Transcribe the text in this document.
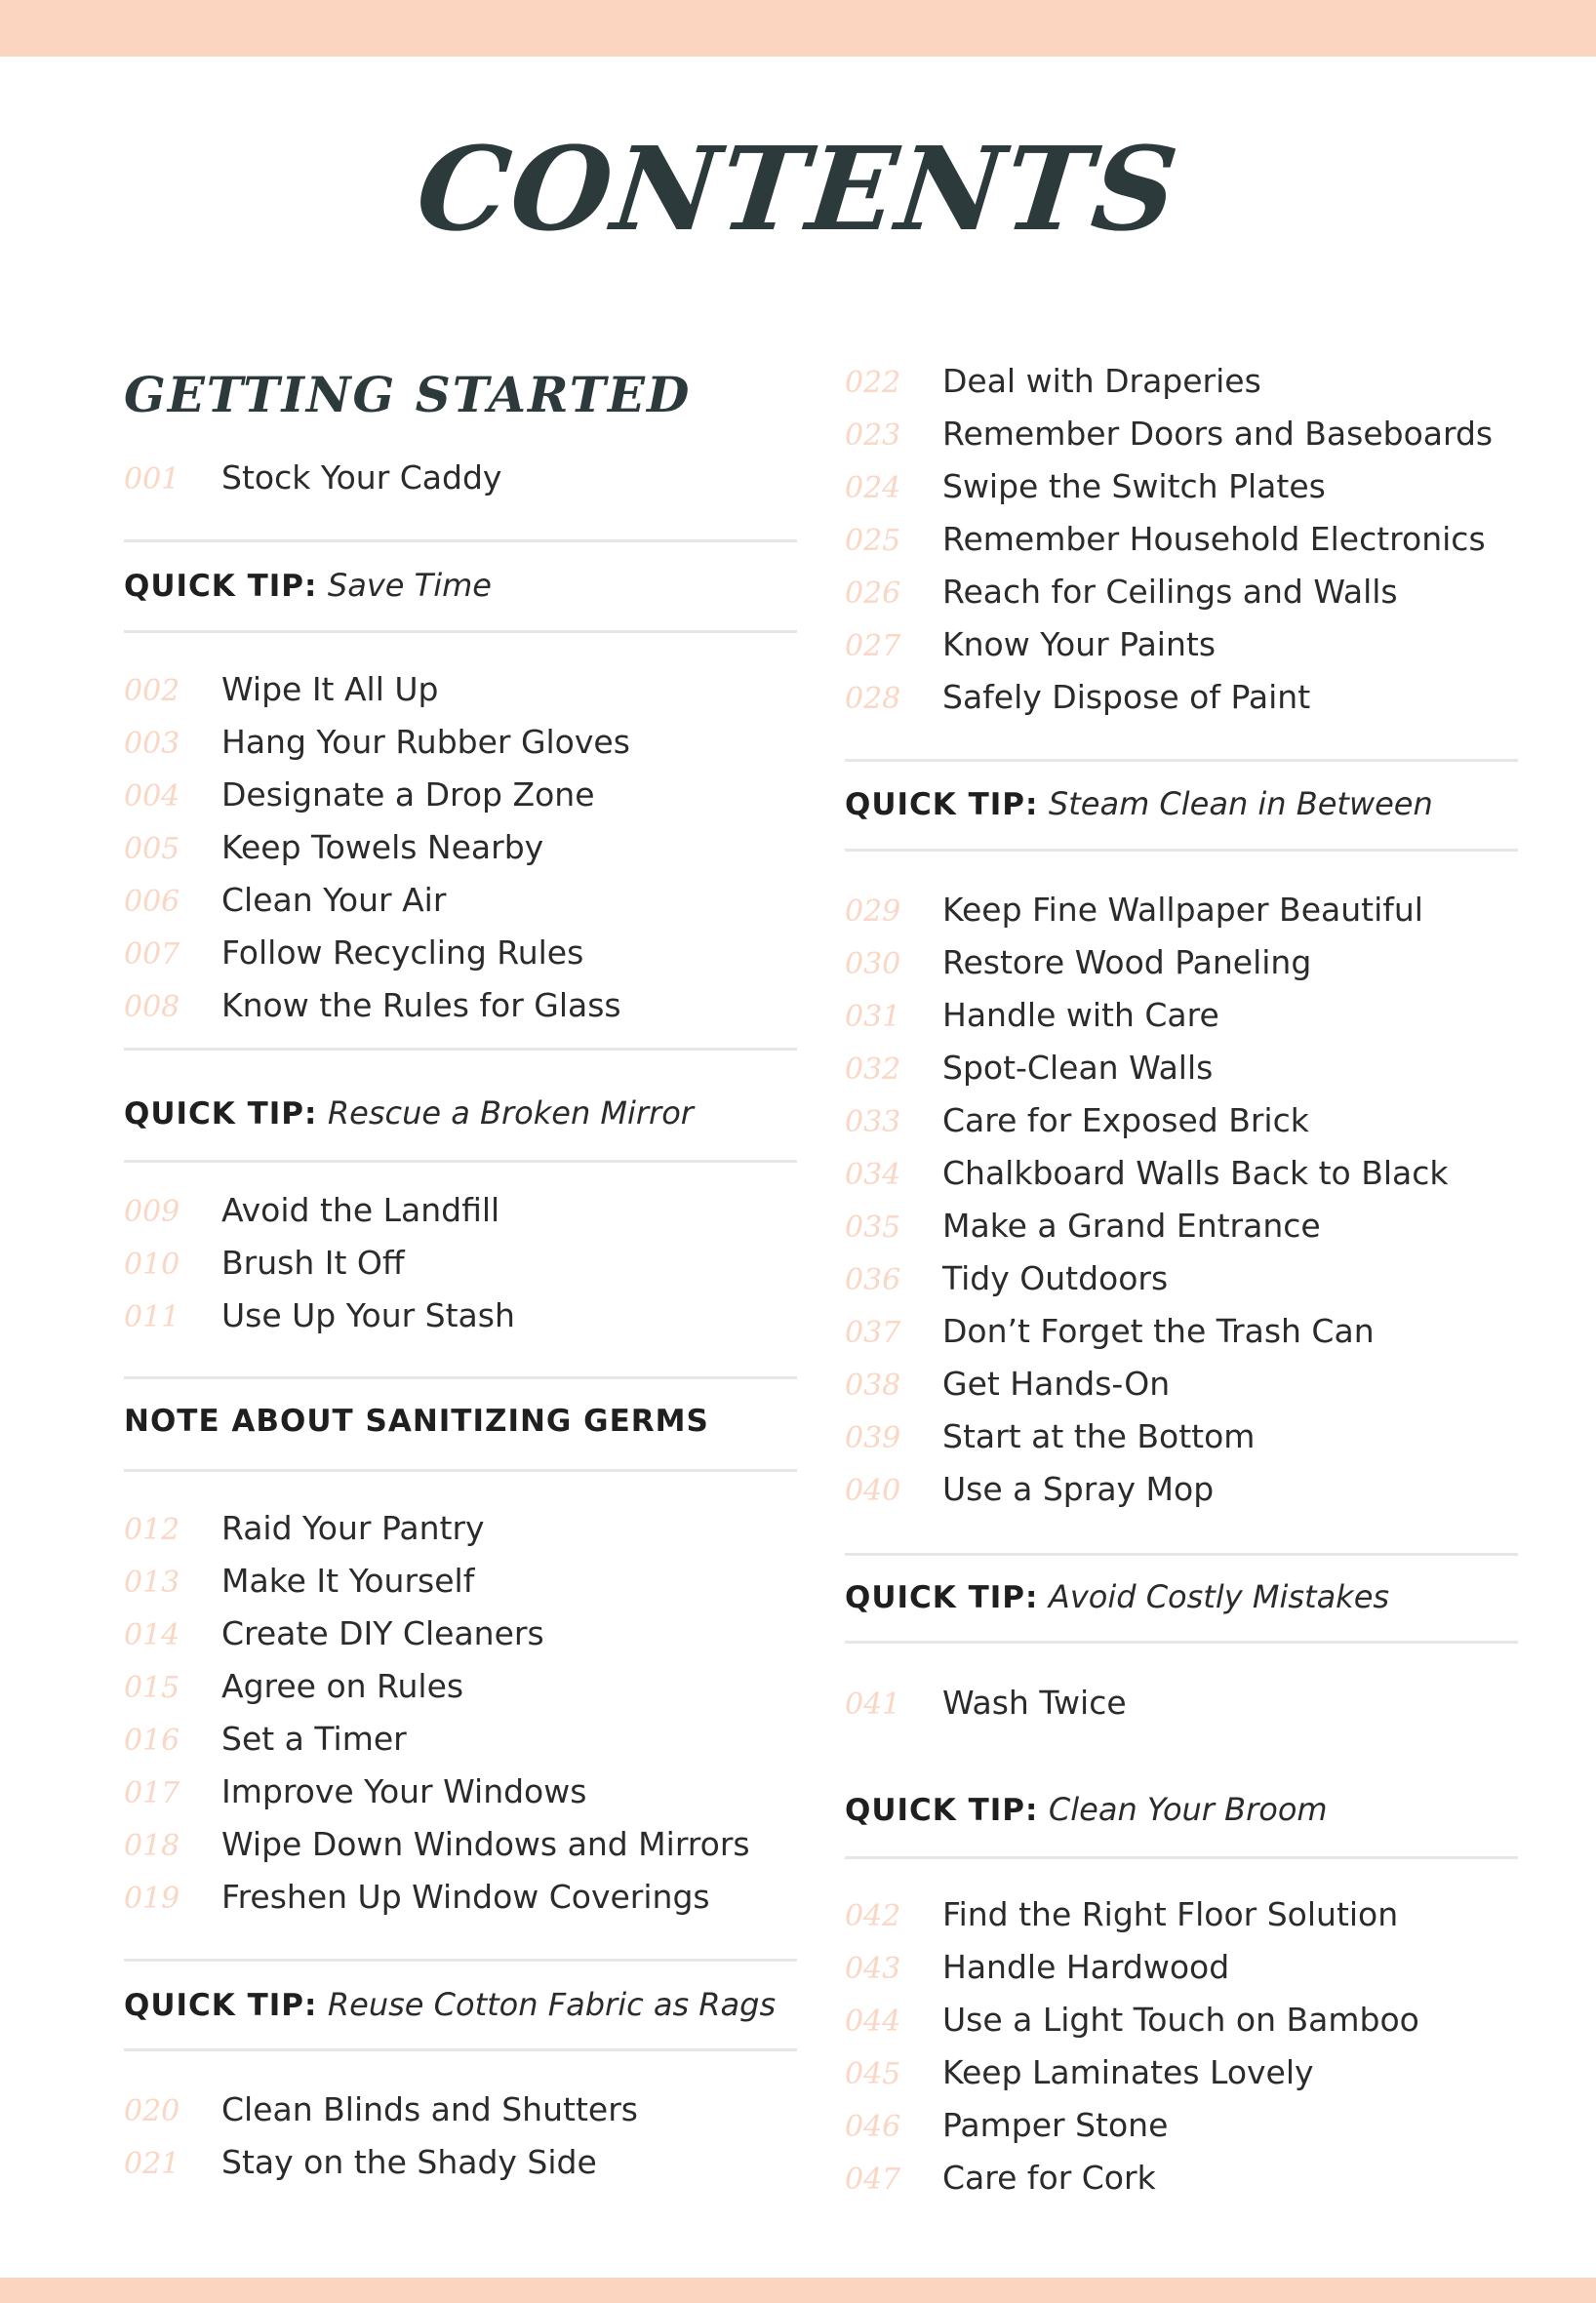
CONTENTS
GETTING STARTED
001 Stock Your Caddy
QUICK TIP: Save Time
002 Wipe It All Up
003 Hang Your Rubber Gloves
004 Designate a Drop Zone
005 Keep Towels Nearby
006 Clean Your Air
007 Follow Recycling Rules
008 Know the Rules for Glass
QUICK TIP: Rescue a Broken Mirror
009 Avoid the Landfill
010 Brush It Off
011 Use Up Your Stash
NOTE ABOUT SANITIZING GERMS
012 Raid Your Pantry
013 Make It Yourself
014 Create DIY Cleaners
015 Agree on Rules
016 Set a Timer
017 Improve Your Windows
018 Wipe Down Windows and Mirrors
019 Freshen Up Window Coverings
QUICK TIP: Reuse Cotton Fabric as Rags
020 Clean Blinds and Shutters
021 Stay on the Shady Side
022 Deal with Draperies
023 Remember Doors and Baseboards
024 Swipe the Switch Plates
025 Remember Household Electronics
026 Reach for Ceilings and Walls
027 Know Your Paints
028 Safely Dispose of Paint
QUICK TIP: Steam Clean in Between
029 Keep Fine Wallpaper Beautiful
030 Restore Wood Paneling
031 Handle with Care
032 Spot-Clean Walls
033 Care for Exposed Brick
034 Chalkboard Walls Back to Black
035 Make a Grand Entrance
036 Tidy Outdoors
037 Don’t Forget the Trash Can
038 Get Hands-On
039 Start at the Bottom
040 Use a Spray Mop
QUICK TIP: Avoid Costly Mistakes
041 Wash Twice
QUICK TIP: Clean Your Broom
042 Find the Right Floor Solution
043 Handle Hardwood
044 Use a Light Touch on Bamboo
045 Keep Laminates Lovely
046 Pamper Stone
047 Care for Cork
